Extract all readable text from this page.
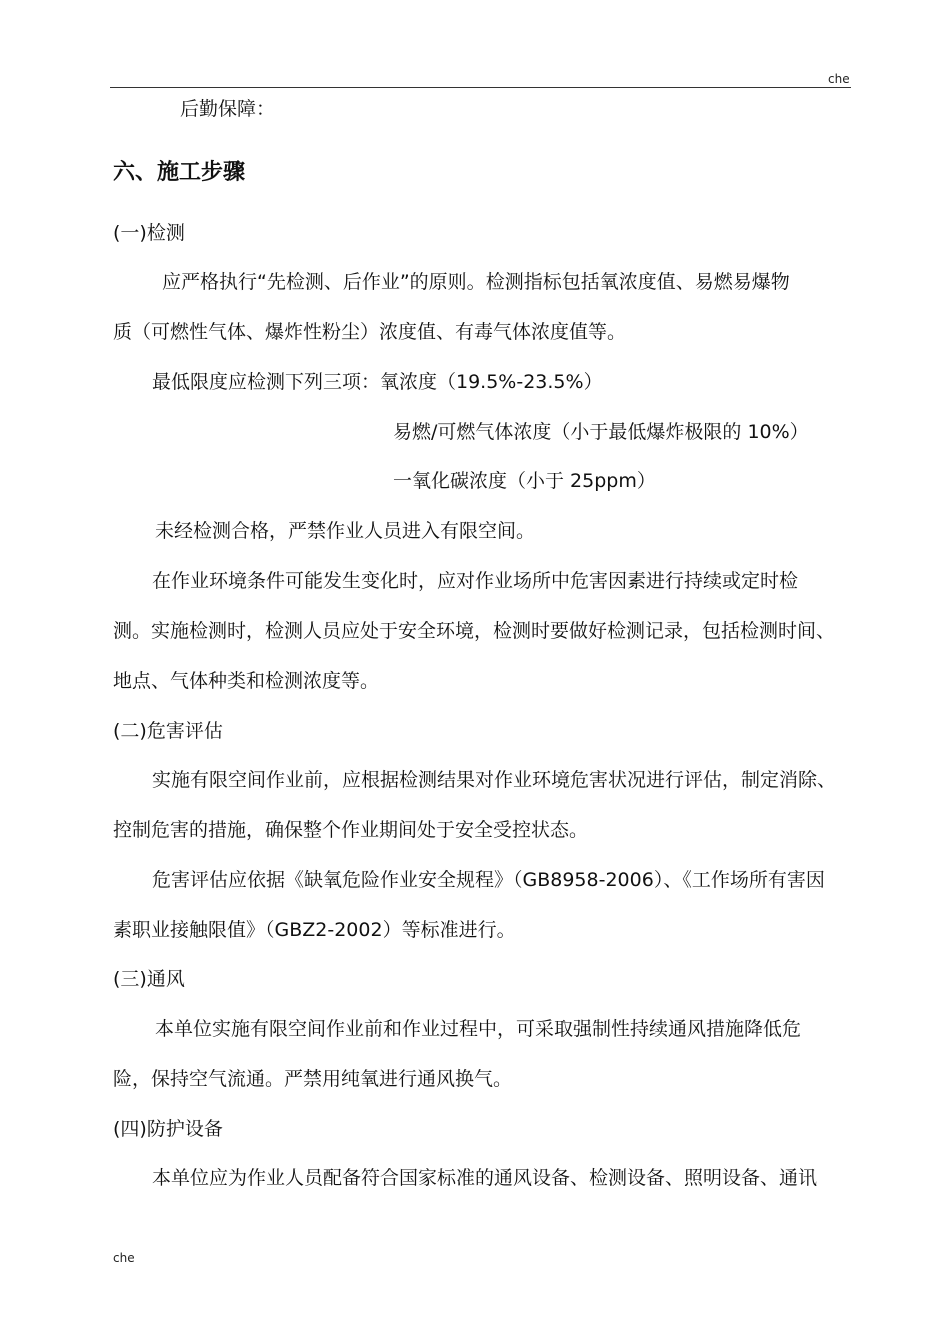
che
后勤保障：
六、施工步骤
(一)检测
应严格执行“先检测、后作业”的原则。检测指标包括氧浓度值、易燃易爆物
质（可燃性气体、爆炸性粉尘）浓度值、有毒气体浓度值等。
最低限度应检测下列三项：氧浓度（19.5%-23.5%）
易燃/可燃气体浓度（小于最低爆炸极限的 10%）
一氧化碳浓度（小于 25ppm）
未经检测合格，严禁作业人员进入有限空间。
在作业环境条件可能发生变化时，应对作业场所中危害因素进行持续或定时检
测。实施检测时，检测人员应处于安全环境，检测时要做好检测记录，包括检测时间、
地点、气体种类和检测浓度等。
(二)危害评估
实施有限空间作业前，应根据检测结果对作业环境危害状况进行评估，制定消除、
控制危害的措施，确保整个作业期间处于安全受控状态。
危害评估应依据《缺氧危险作业安全规程》（GB8958-2006）、《工作场所有害因
素职业接触限值》（GBZ2-2002）等标准进行。
(三)通风
本单位实施有限空间作业前和作业过程中，可采取强制性持续通风措施降低危
险，保持空气流通。严禁用纯氧进行通风换气。
(四)防护设备
本单位应为作业人员配备符合国家标准的通风设备、检测设备、照明设备、通讯
che
